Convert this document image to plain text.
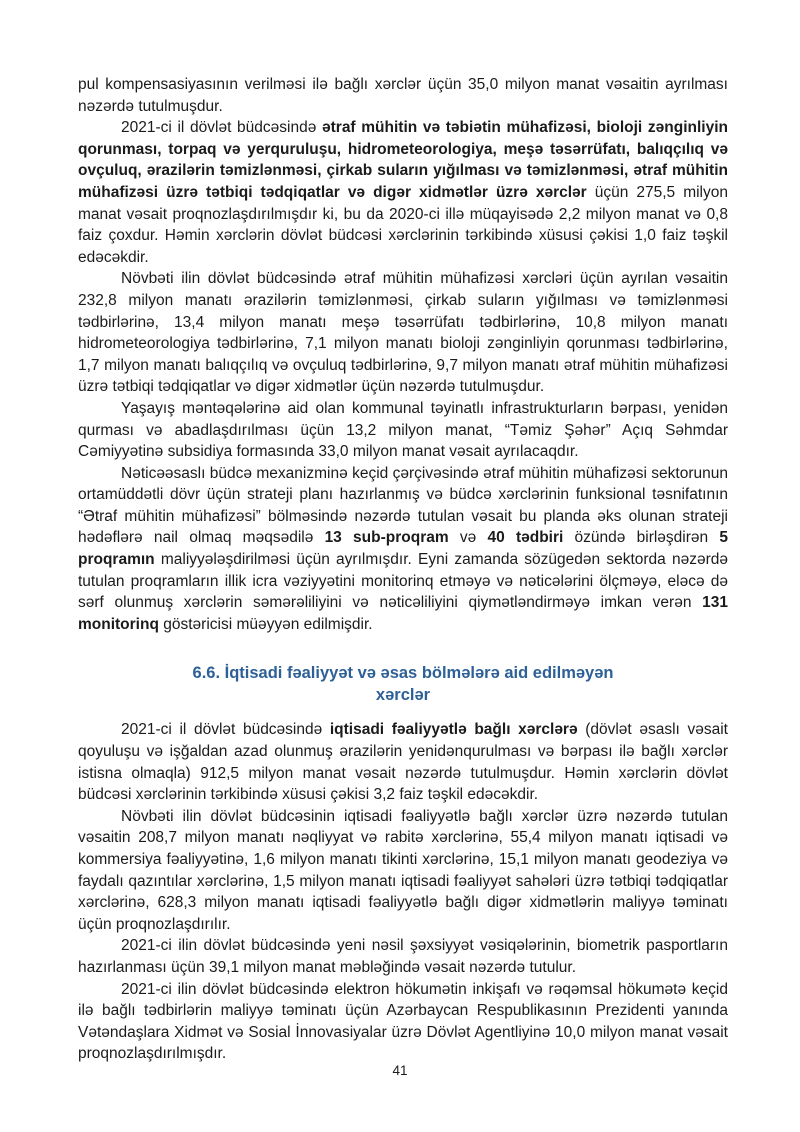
pul kompensasiyasının verilməsi ilə bağlı xərclər üçün 35,0 milyon manat vəsaitin ayrılması nəzərdə tutulmuşdur.

2021-ci il dövlət büdcəsində ətraf mühitin və təbiətin mühafizəsi, bioloji zənginliyin qorunması, torpaq və yerquruluşu, hidrometeorologiya, meşə təsərrüfatı, balıqçılıq və ovçuluq, ərazilərin təmizlənməsi, çirkab suların yığılması və təmizlənməsi, ətraf mühitin mühafizəsi üzrə tətbiqi tədqiqatlar və digər xidmətlər üzrə xərclər üçün 275,5 milyon manat vəsait proqnozlaşdırılmışdır ki, bu da 2020-ci illə müqayisədə 2,2 milyon manat və 0,8 faiz çoxdur. Həmin xərclərin dövlət büdcəsi xərclərinin tərkibində xüsusi çəkisi 1,0 faiz təşkil edəcəkdir.

Növbəti ilin dövlət büdcəsində ətraf mühitin mühafizəsi xərcləri üçün ayrılan vəsaitin 232,8 milyon manatı ərazilərin təmizlənməsi, çirkab suların yığılması və təmizlənməsi tədbirlərinə, 13,4 milyon manatı meşə təsərrüfatı tədbirlərinə, 10,8 milyon manatı hidrometeorologiya tədbirlərinə, 7,1 milyon manatı bioloji zənginliyin qorunması tədbirlərinə, 1,7 milyon manatı balıqçılıq və ovçuluq tədbirlərinə, 9,7 milyon manatı ətraf mühitin mühafizəsi üzrə tətbiqi tədqiqatlar və digər xidmətlər üçün nəzərdə tutulmuşdur.

Yaşayış məntəqələrinə aid olan kommunal təyinatlı infrastrukturların bərpası, yenidən qurması və abadlaşdırılması üçün 13,2 milyon manat, “Təmiz Şəhər” Açıq Səhmdar Cəmiyyətinə subsidiya formasında 33,0 milyon manat vəsait ayrılacaqdır.

Nəticəəsaslı büdcə mexanizminə keçid çərçivəsində ətraf mühitin mühafizəsi sektorunun ortamüddətli dövr üçün strateji planı hazırlanmış və büdcə xərclərinin funksional təsnifatının “Ətraf mühitin mühafizəsi” bölməsində nəzərdə tutulan vəsait bu planda əks olunan strateji hədəflərə nail olmaq məqsədilə 13 sub-proqram və 40 tədbiri özündə birləşdirən 5 proqramın maliyyələşdirilməsi üçün ayrılmışdır. Eyni zamanda sözügedən sektorda nəzərdə tutulan proqramların illik icra vəziyyətini monitorinq etməyə və nəticələrini ölçməyə, eləcə də sərf olunmuş xərclərin səmərəliliyini və nəticəliliyini qiymətləndirməyə imkan verən 131 monitorinq göstəricisi müəyyən edilmişdir.

6.6. İqtisadi fəaliyyət və əsas bölmələrə aid edilməyən
xərclər

2021-ci il dövlət büdcəsində iqtisadi fəaliyyətlə bağlı xərclərə (dövlət əsaslı vəsait qoyuluşu və işğaldan azad olunmuş ərazilərin yenidənqurulması və bərpası ilə bağlı xərclər istisna olmaqla) 912,5 milyon manat vəsait nəzərdə tutulmuşdur. Həmin xərclərin dövlət büdcəsi xərclərinin tərkibində xüsusi çəkisi 3,2 faiz təşkil edəcəkdir.

Növbəti ilin dövlət büdcəsinin iqtisadi fəaliyyətlə bağlı xərclər üzrə nəzərdə tutulan vəsaitin 208,7 milyon manatı nəqliyyat və rabitə xərclərinə, 55,4 milyon manatı iqtisadi və kommersiya fəaliyyətinə, 1,6 milyon manatı tikinti xərclərinə, 15,1 milyon manatı geodeziya və faydalı qazıntılar xərclərinə, 1,5 milyon manatı iqtisadi fəaliyyət sahələri üzrə tətbiqi tədqiqatlar xərclərinə, 628,3 milyon manatı iqtisadi fəaliyyətlə bağlı digər xidmətlərin maliyyə təminatı üçün proqnozlaşdırılır.

2021-ci ilin dövlət büdcəsində yeni nəsil şəxsiyyət vəsiqələrinin, biometrik pasportların hazırlanması üçün 39,1 milyon manat məbləğində vəsait nəzərdə tutulur.

2021-ci ilin dövlət büdcəsində elektron hökumətin inkişafı və rəqəmsal hökumətə keçid ilə bağlı tədbirlərin maliyyə təminatı üçün Azərbaycan Respublikasının Prezidenti yanında Vətəndaşlara Xidmət və Sosial İnnovasiyalar üzrə Dövlət Agentliyinə 10,0 milyon manat vəsait proqnozlaşdırılmışdır.

41
